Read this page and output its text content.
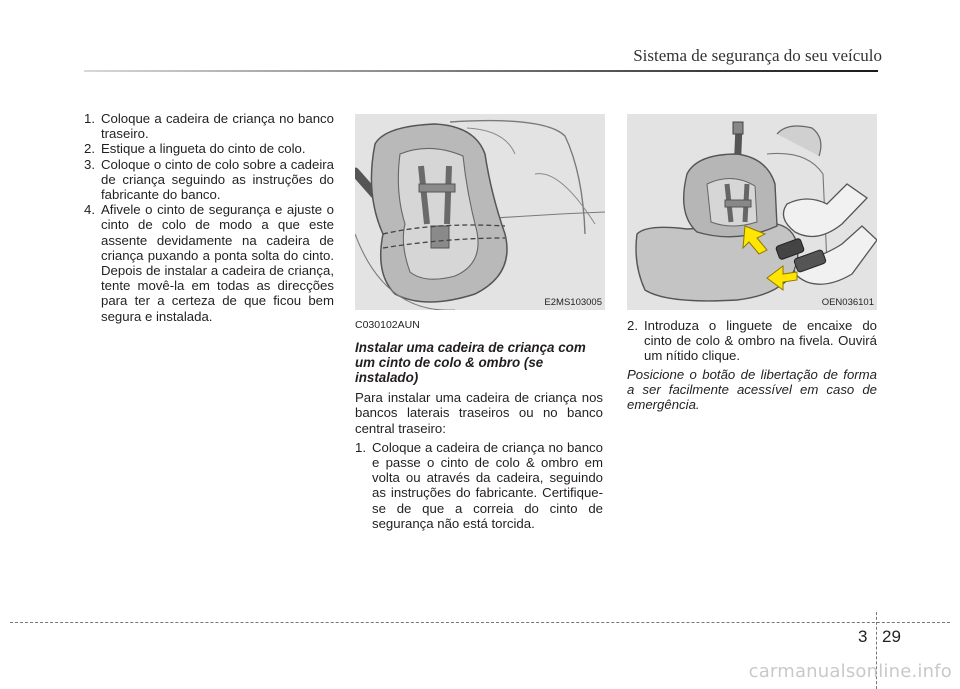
Sistema de segurança do seu veículo

1. Coloque a cadeira de criança no banco traseiro.

2. Estique a lingueta do cinto de colo.

3. Coloque o cinto de colo sobre a cadeira de criança seguindo as instruções do fabricante do banco.

4. Afivele o cinto de segurança e ajuste o cinto de colo de modo a que este assente devidamente na cadeira de criança puxando a ponta solta do cinto. Depois de instalar a cadeira de criança, tente movê-la em todas as direcções para ter a certeza de que ficou bem segura e instalada.

E2MS103005	OEN036101

C030102AUN

Instalar uma cadeira de criança com um cinto de colo & ombro (se instalado)

Para instalar uma cadeira de criança nos bancos laterais traseiros ou no banco central traseiro:

1. Coloque a cadeira de criança no banco e passe o cinto de colo & ombro em volta ou através da cadeira, seguindo as instruções do fabricante. Certifique-se de que a correia do cinto de segurança não está torcida.

2. Introduza o linguete de encaixe do cinto de colo & ombro na fivela. Ouvirá um nítido clique.

Posicione o botão de libertação de forma a ser facilmente acessível em caso de emergência.

3 29
carmanualsonline.info
